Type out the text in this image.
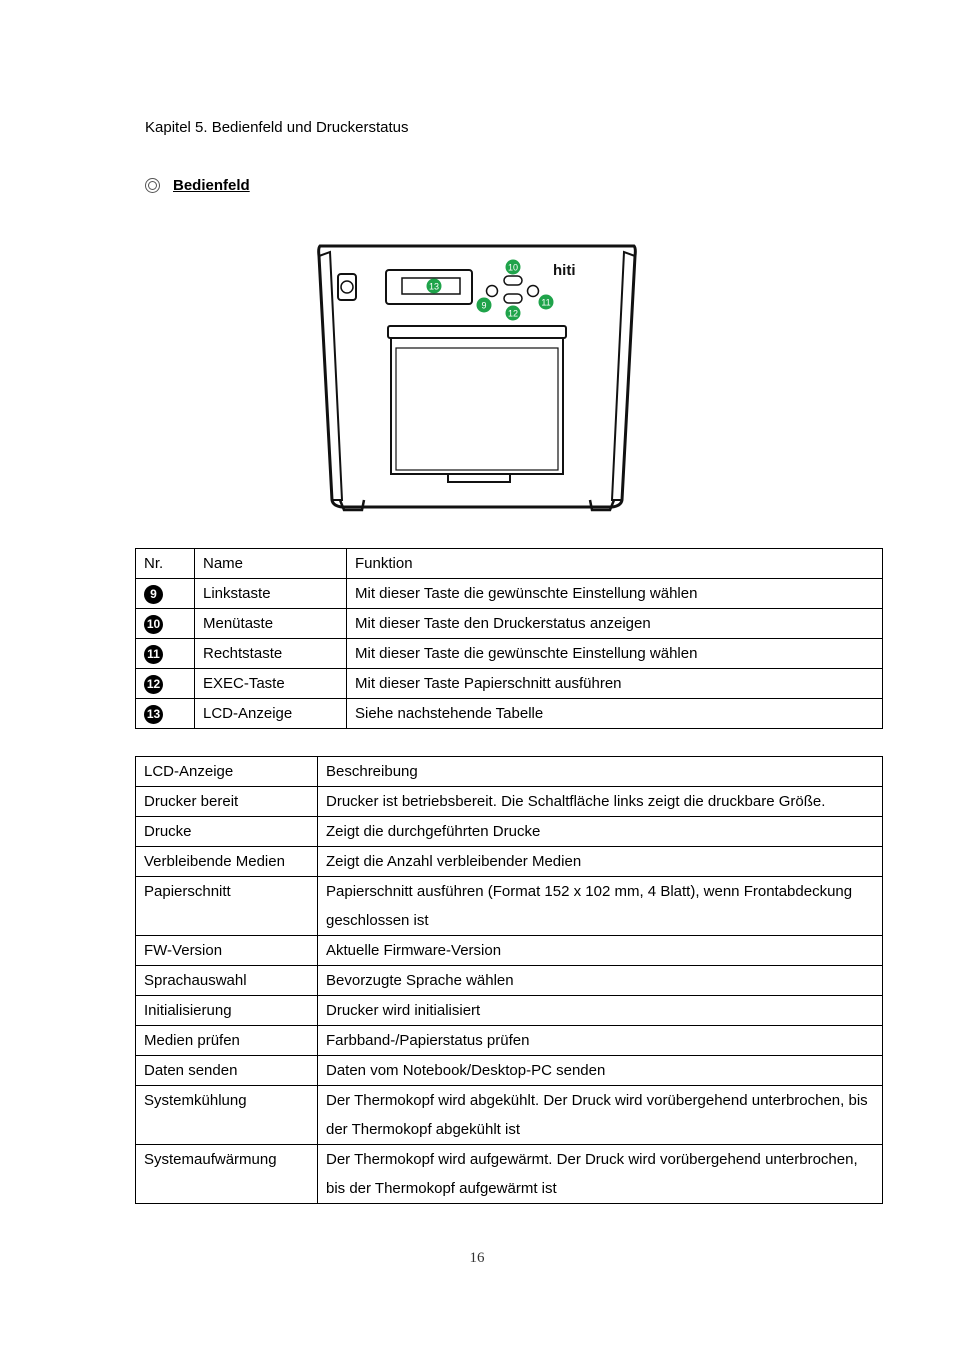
Kapitel 5. Bedienfeld und Druckerstatus
Bedienfeld
hiti
10
13
9	11
12
Nr.	Name	Funktion
9	Linkstaste	Mit dieser Taste die gewünschte Einstellung wählen
10	Menütaste	Mit dieser Taste den Druckerstatus anzeigen
11	Rechtstaste	Mit dieser Taste die gewünschte Einstellung wählen
12	EXEC-Taste	Mit dieser Taste Papierschnitt ausführen
13	LCD-Anzeige	Siehe nachstehende Tabelle
LCD-Anzeige	Beschreibung
Drucker bereit	Drucker ist betriebsbereit. Die Schaltfläche links zeigt die druckbare Größe.
Drucke	Zeigt die durchgeführten Drucke
Verbleibende Medien	Zeigt die Anzahl verbleibender Medien
Papierschnitt	Papierschnitt ausführen (Format 152 x 102 mm, 4 Blatt), wenn Frontabdeckung geschlossen ist
FW-Version	Aktuelle Firmware-Version
Sprachauswahl	Bevorzugte Sprache wählen
Initialisierung	Drucker wird initialisiert
Medien prüfen	Farbband-/Papierstatus prüfen
Daten senden	Daten vom Notebook/Desktop-PC senden
Systemkühlung	Der Thermokopf wird abgekühlt. Der Druck wird vorübergehend unterbrochen, bis der Thermokopf abgekühlt ist
Systemaufwärmung	Der Thermokopf wird aufgewärmt. Der Druck wird vorübergehend unterbrochen, bis der Thermokopf aufgewärmt ist
16
